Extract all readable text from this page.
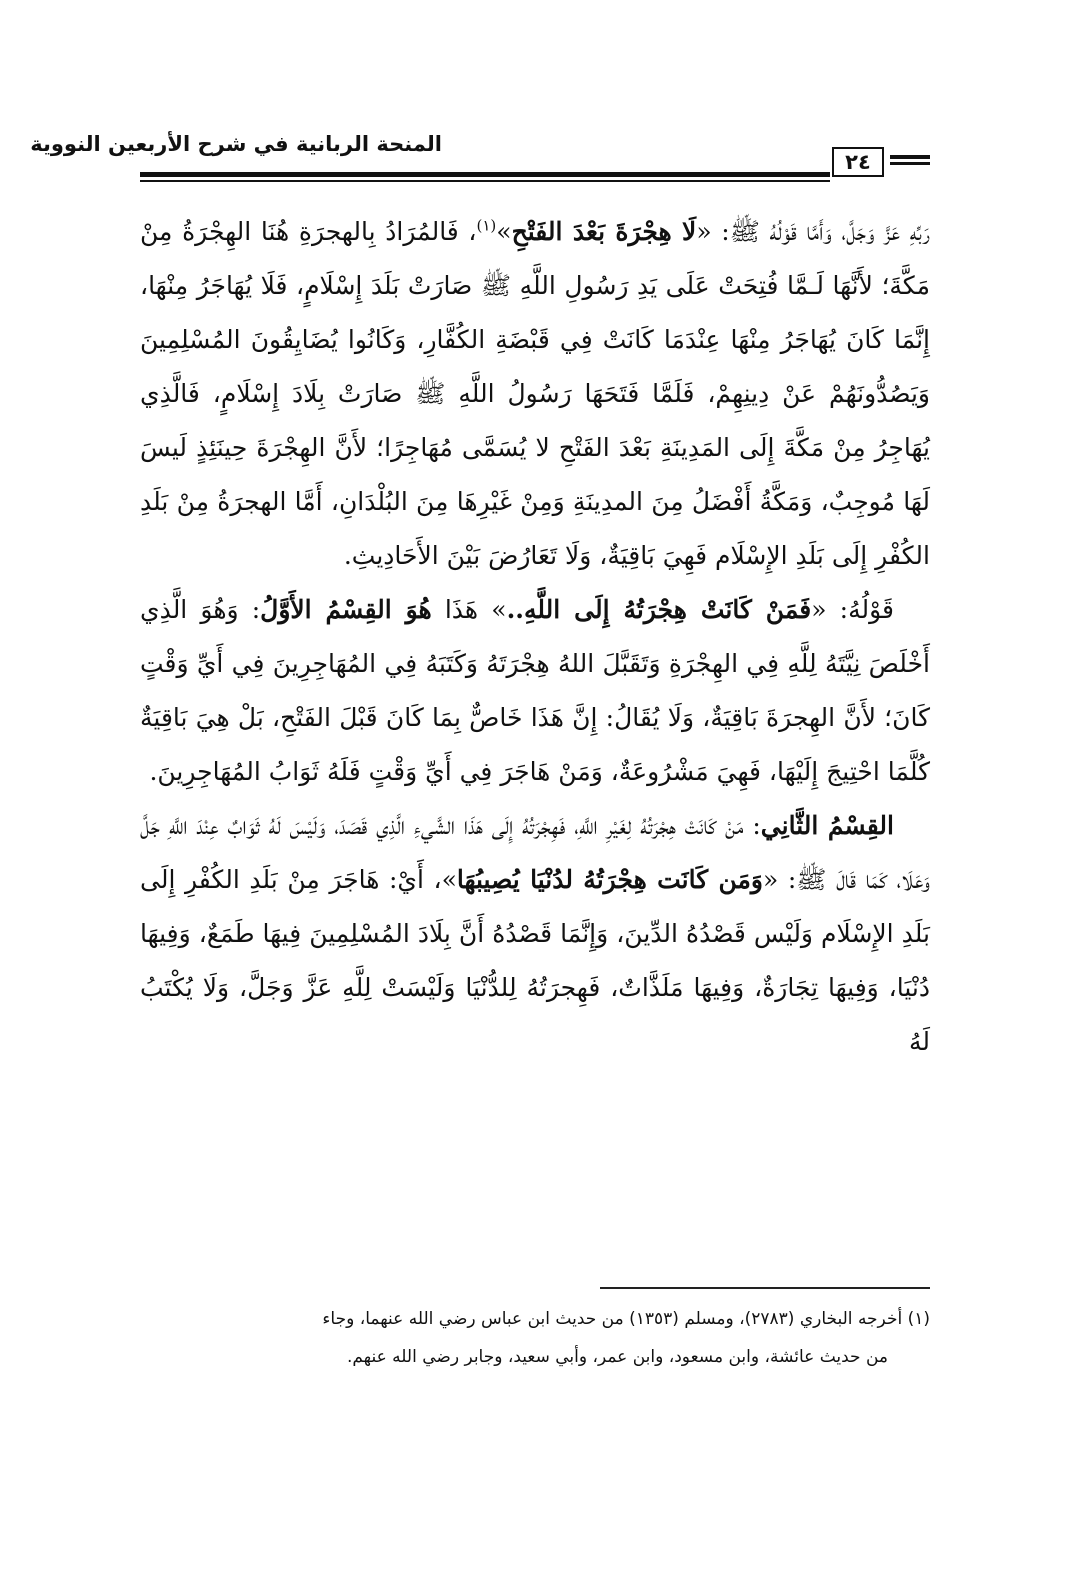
المنحة الربانية في شرح الأربعين النووية
٢٤

رَبِّهِ عَزَّ وَجَلَّ، وَأَمَّا قَوْلُهُ ﷺ: «لَا هِجْرَةَ بَعْدَ الفَتْحِ»$^{(١)}$، فَالمُرَادُ بِالهجرَةِ هُنَا الهِجْرَةُ مِنْ مَكَّةَ؛ لأَنَّهَا لَـمَّا فُتِحَتْ عَلَى يَدِ رَسُولِ اللَّهِ ﷺ صَارَتْ بَلَدَ إِسْلَامٍ، فَلَا يُهَاجَرُ مِنْهَا، إِنَّمَا كَانَ يُهَاجَرُ مِنْهَا عِنْدَمَا كَانَتْ فِي قَبْضَةِ الكُفَّارِ، وَكَانُوا يُضَايِقُونَ المُسْلِمِينَ وَيَصُدُّونَهُمْ عَنْ دِينِهِمْ، فَلَمَّا فَتَحَهَا رَسُولُ اللَّهِ ﷺ صَارَتْ بِلَادَ إِسْلَامٍ، فَالَّذِي يُهَاجِرُ مِنْ مَكَّةَ إِلَى المَدِينَةِ بَعْدَ الفَتْحِ لا يُسَمَّى مُهَاجِرًا؛ لأَنَّ الهِجْرَةَ حِينَئِذٍ لَيسَ لَهَا مُوجِبٌ، وَمَكَّةُ أَفْضَلُ مِنَ المدِينَةِ وَمِنْ غَيْرِهَا مِنَ البُلْدَانِ، أَمَّا الهجرَةُ مِنْ بَلَدِ الكُفْرِ إِلَى بَلَدِ الإِسْلَام فَهِيَ بَاقِيَةٌ، وَلَا تَعَارُضَ بَيْنَ الأَحَادِيثِ.

قَوْلُهُ: «فَمَنْ كَانَتْ هِجْرَتُهُ إِلَى اللَّهِ..» هَذَا هُوَ القِسْمُ الأَوَّلُ: وَهُوَ الَّذِي أَخْلَصَ نِيَّتَهُ لِلَّهِ فِي الهِجْرَةِ وَتَقَبَّلَ اللهُ هِجْرَتَهُ وَكَتَبَهُ فِي المُهَاجِرِينَ فِي أَيِّ وَقْتٍ كَانَ؛ لأَنَّ الهِجرَةَ بَاقِيَةٌ، وَلَا يُقَالُ: إِنَّ هَذَا خَاصٌّ بِمَا كَانَ قَبْلَ الفَتْحِ، بَلْ هِيَ بَاقِيَةٌ كُلَّمَا احْتِيجَ إِلَيْهَا، فَهِيَ مَشْرُوعَةٌ، وَمَنْ هَاجَرَ فِي أَيِّ وَقْتٍ فَلَهُ ثَوَابُ المُهَاجِرِينَ.

القِسْمُ الثَّانِي: مَنْ كَانَتْ هِجْرَتُهُ لِغَيْرِ اللَّهِ، فَهِجْرَتُهُ إِلَى هَذَا الشَّيءِ الَّذِي قَصَدَ، وَلَيْسَ لَهُ ثَوَابٌ عِنْدَ اللَّهِ جَلَّ وَعَلَا، كَمَا قَالَ ﷺ: «وَمَن كَانَت هِجْرَتُهُ لدُنْيَا يُصِيبُهَا»، أَيْ: هَاجَرَ مِنْ بَلَدِ الكُفْرِ إِلَى بَلَدِ الإِسْلَام وَلَيْس قَصْدُهُ الدِّينَ، وَإِنَّمَا قَصْدُهُ أَنَّ بِلَادَ المُسْلِمِينَ فِيهَا طَمَعٌ، وَفِيهَا دُنْيَا، وَفِيهَا تِجَارَةٌ، وَفِيهَا مَلَذَّاتٌ، فَهِجرَتُهُ لِلدُّنْيَا وَلَيْسَتْ لِلَّهِ عَزَّ وَجَلَّ، وَلَا يُكْتَبُ لَهُ

(١) أخرجه البخاري (٢٧٨٣)، ومسلم (١٣٥٣) من حديث ابن عباس رضي الله عنهما، وجاء

من حديث عائشة، وابن مسعود، وابن عمر، وأبي سعيد، وجابر رضي الله عنهم.
